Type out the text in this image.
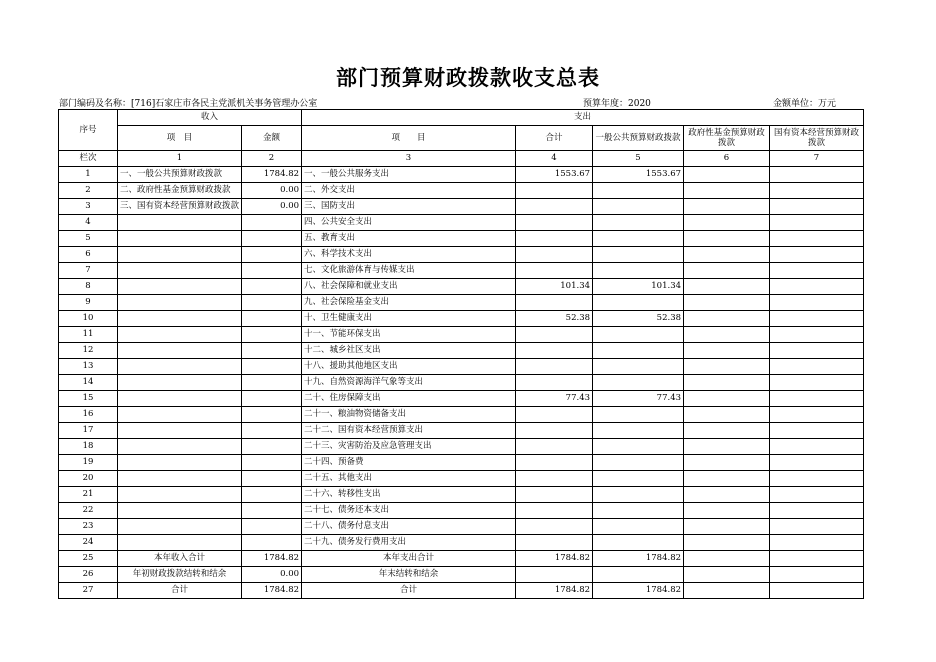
部门预算财政拨款收支总表
部门编码及名称：[716]石家庄市各民主党派机关事务管理办公室	预算年度：2020	金额单位：万元
序号	收入		支出				
	项　目	金额	项　　目	合计	一般公共预算财政拨款	政府性基金预算财政拨款	国有资本经营预算财政拨款
栏次	1	2	3	4	5	6	7
1	一、一般公共预算财政拨款	1784.82	一、一般公共服务支出	1553.67	1553.67		
2	二、政府性基金预算财政拨款	0.00	二、外交支出				
3	三、国有资本经营预算财政拨款	0.00	三、国防支出				
4			四、公共安全支出				
5			五、教育支出				
6			六、科学技术支出				
7			七、文化旅游体育与传媒支出				
8			八、社会保障和就业支出	101.34	101.34		
9			九、社会保险基金支出				
10			十、卫生健康支出	52.38	52.38		
11			十一、节能环保支出				
12			十二、城乡社区支出				
13			十八、援助其他地区支出				
14			十九、自然资源海洋气象等支出				
15			二十、住房保障支出	77.43	77.43		
16			二十一、粮油物资储备支出				
17			二十二、国有资本经营预算支出				
18			二十三、灾害防治及应急管理支出				
19			二十四、预备费				
20			二十五、其他支出				
21			二十六、转移性支出				
22			二十七、债务还本支出				
23			二十八、债务付息支出				
24			二十九、债务发行费用支出				
25	本年收入合计	1784.82	本年支出合计	1784.82	1784.82		
26	年初财政拨款结转和结余	0.00	年末结转和结余				
27	合计	1784.82	合计	1784.82	1784.82		
